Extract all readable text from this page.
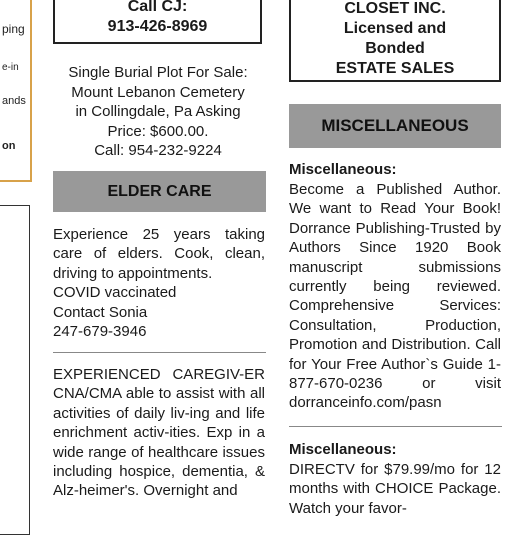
ping
e-in
ands
on
Call CJ:
913-426-8969
Single Burial Plot For Sale:
Mount Lebanon Cemetery
in Collingdale, Pa Asking
Price: $600.00.
Call: 954-232-9224
ELDER CARE
Experience 25 years taking care of elders. Cook, clean, driving to appointments.
COVID vaccinated
Contact Sonia
247-679-3946
EXPERIENCED CAREGIV-ER CNA/CMA able to assist with all activities of daily liv-ing and life enrichment activ-ities. Exp in a wide range of healthcare issues including hospice, dementia, & Alz-heimer's. Overnight and
CLOSET INC.
Licensed and
Bonded
ESTATE SALES
MISCELLANEOUS
Miscellaneous:
Become a Published Author. We want to Read Your Book! Dorrance Publishing-Trusted by Authors Since 1920 Book manuscript submissions currently being reviewed. Comprehensive Services: Consultation, Production, Promotion and Distribution. Call for Your Free Author`s Guide 1-877-670-0236 or visit dorranceinfo.com/pasn
Miscellaneous:
DIRECTV for $79.99/mo for 12 months with CHOICE Package. Watch your favor-
